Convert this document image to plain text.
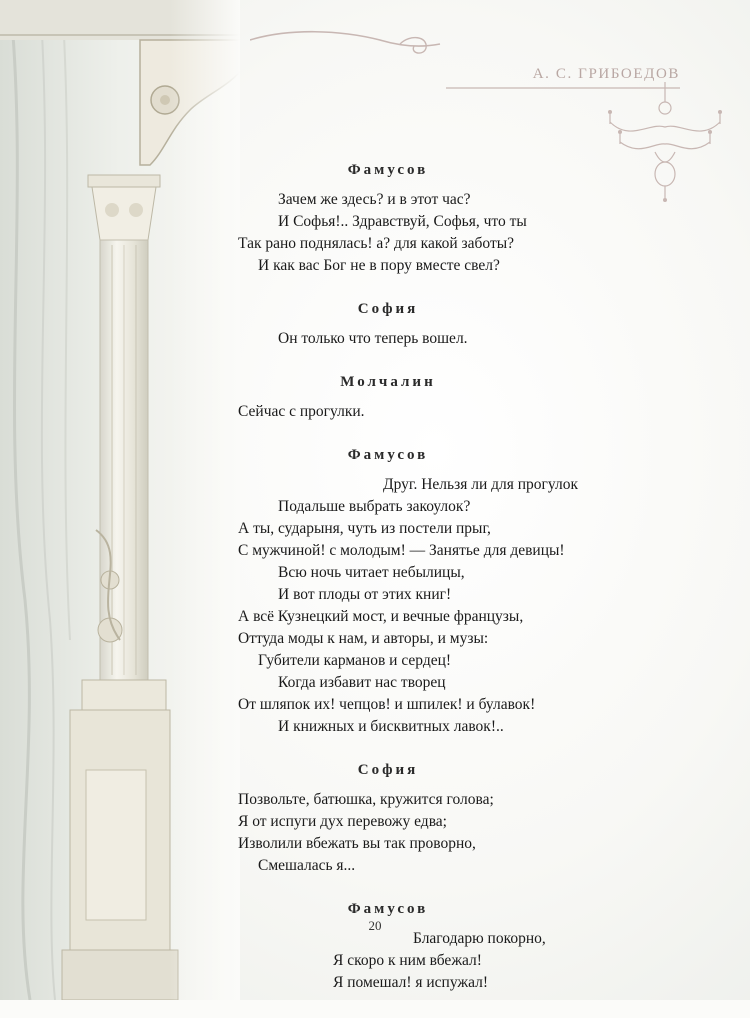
А. С. ГРИБОЕДОВ
Фамусов
Зачем же здесь? и в этот час?
И Софья!.. Здравствуй, Софья, что ты
Так рано поднялась! а? для какой заботы?
И как вас Бог не в пору вместе свел?
София
Он только что теперь вошел.
Молчалин
Сейчас с прогулки.
Фамусов
Друг. Нельзя ли для прогулок
Подальше выбрать закоулок?
А ты, сударыня, чуть из постели прыг,
С мужчиной! с молодым! — Занятье для девицы!
Всю ночь читает небылицы,
И вот плоды от этих книг!
А всё Кузнецкий мост, и вечные французы,
Оттуда моды к нам, и авторы, и музы:
Губители карманов и сердец!
Когда избавит нас творец
От шляпок их! чепцов! и шпилек! и булавок!
И книжных и бисквитных лавок!..
София
Позвольте, батюшка, кружится голова;
Я от испуги дух перевожу едва;
Изволили вбежать вы так проворно,
Смешалась я...
Фамусов
Благодарю покорно,
Я скоро к ним вбежал!
Я помешал! я испужал!
20
